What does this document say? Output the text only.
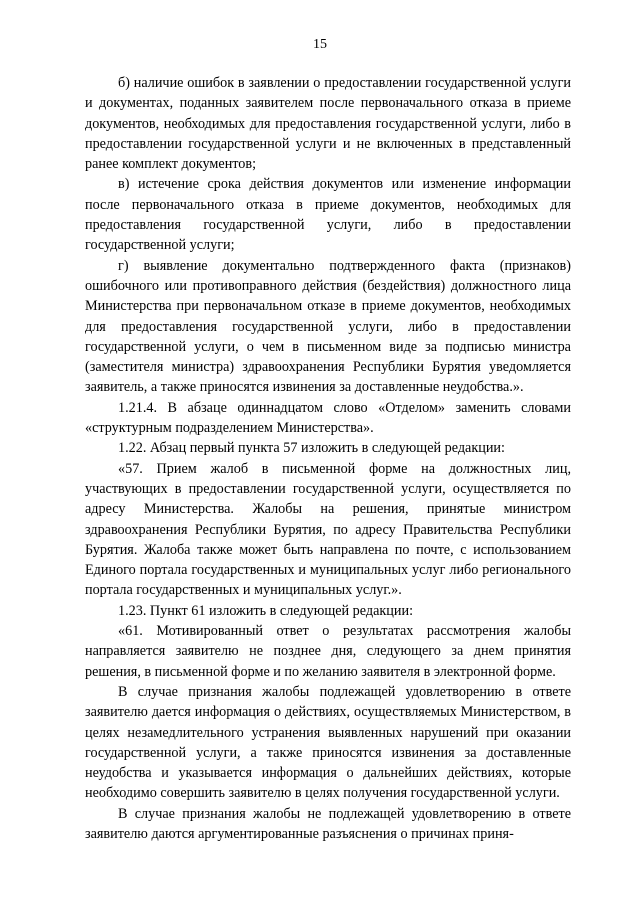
15

б) наличие ошибок в заявлении о предоставлении государственной услуги и документах, поданных заявителем после первоначального отказа в приеме документов, необходимых для предоставления государственной услуги, либо в предоставлении государственной услуги и не включенных в представленный ранее комплект документов;

в) истечение срока действия документов или изменение информации после первоначального отказа в приеме документов, необходимых для предоставления государственной услуги, либо в предоставлении государственной услуги;

г) выявление документально подтвержденного факта (признаков) ошибочного или противоправного действия (бездействия) должностного лица Министерства при первоначальном отказе в приеме документов, необходимых для предоставления государственной услуги, либо в предоставлении государственной услуги, о чем в письменном виде за подписью министра (заместителя министра) здравоохранения Республики Бурятия уведомляется заявитель, а также приносятся извинения за доставленные неудобства.».

1.21.4. В абзаце одиннадцатом слово «Отделом» заменить словами «структурным подразделением Министерства».

1.22. Абзац первый пункта 57 изложить в следующей редакции:

«57. Прием жалоб в письменной форме на должностных лиц, участвующих в предоставлении государственной услуги, осуществляется по адресу Министерства. Жалобы на решения, принятые министром здравоохранения Республики Бурятия, по адресу Правительства Республики Бурятия. Жалоба также может быть направлена по почте, с использованием Единого портала государственных и муниципальных услуг либо регионального портала государственных и муниципальных услуг.».

1.23. Пункт 61 изложить в следующей редакции:

«61. Мотивированный ответ о результатах рассмотрения жалобы направляется заявителю не позднее дня, следующего за днем принятия решения, в письменной форме и по желанию заявителя в электронной форме.

В случае признания жалобы подлежащей удовлетворению в ответе заявителю дается информация о действиях, осуществляемых Министерством, в целях незамедлительного устранения выявленных нарушений при оказании государственной услуги, а также приносятся извинения за доставленные неудобства и указывается информация о дальнейших действиях, которые необходимо совершить заявителю в целях получения государственной услуги.

В случае признания жалобы не подлежащей удовлетворению в ответе заявителю даются аргументированные разъяснения о причинах приня-
